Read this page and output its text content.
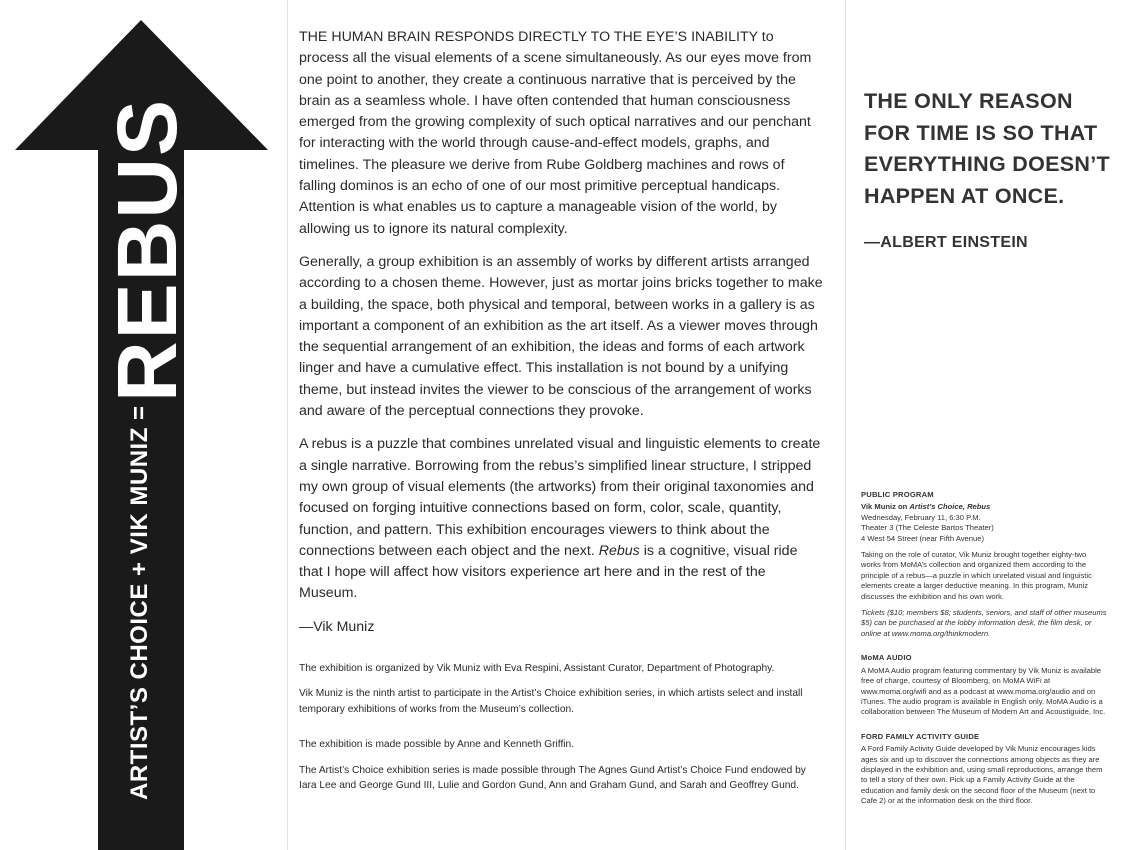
REBUS
ARTIST’S CHOICE + VIK MUNIZ =

THE HUMAN BRAIN RESPONDS DIRECTLY TO THE EYE’S INABILITY to process all the visual elements of a scene simultaneously. As our eyes move from one point to another, they create a continuous narrative that is perceived by the brain as a seamless whole. I have often contended that human consciousness emerged from the growing complexity of such optical narratives and our penchant for interacting with the world through cause-and-effect models, graphs, and timelines. The pleasure we derive from Rube Goldberg machines and rows of falling dominos is an echo of one of our most primitive perceptual handicaps. Attention is what enables us to capture a manageable vision of the world, by allowing us to ignore its natural complexity.

Generally, a group exhibition is an assembly of works by different artists arranged according to a chosen theme. However, just as mortar joins bricks together to make a building, the space, both physical and temporal, between works in a gallery is as important a component of an exhibition as the art itself. As a viewer moves through the sequential arrangement of an exhibition, the ideas and forms of each artwork linger and have a cumulative effect. This installation is not bound by a unifying theme, but instead invites the viewer to be conscious of the arrangement of works and aware of the perceptual connections they provoke.

A rebus is a puzzle that combines unrelated visual and linguistic elements to create a single narrative. Borrowing from the rebus’s simplified linear structure, I stripped my own group of visual elements (the artworks) from their original taxonomies and focused on forging intuitive connections based on form, color, scale, quantity, function, and pattern. This exhibition encourages viewers to think about the connections between each object and the next. Rebus is a cognitive, visual ride that I hope will affect how visitors experience art here and in the rest of the Museum.

—Vik Muniz

The exhibition is organized by Vik Muniz with Eva Respini, Assistant Curator, Department of Photography.

Vik Muniz is the ninth artist to participate in the Artist’s Choice exhibition series, in which artists select and install temporary exhibitions of works from the Museum’s collection.

The exhibition is made possible by Anne and Kenneth Griffin.

The Artist’s Choice exhibition series is made possible through The Agnes Gund Artist’s Choice Fund endowed by Iara Lee and George Gund III, Lulie and Gordon Gund, Ann and Graham Gund, and Sarah and Geoffrey Gund.

THE ONLY REASON FOR TIME IS SO THAT EVERYTHING DOESN’T HAPPEN AT ONCE.

—ALBERT EINSTEIN
PUBLIC PROGRAM
Vik Muniz on Artist’s Choice, Rebus
Wednesday, February 11, 6:30 P.M.
Theater 3 (The Celeste Bartos Theater)
4 West 54 Street (near Fifth Avenue)
Taking on the role of curator, Vik Muniz brought together eighty-two works from MoMA’s collection and organized them according to the principle of a rebus—a puzzle in which unrelated visual and linguistic elements create a larger deductive meaning. In this program, Muniz discusses the exhibition and his own work.
Tickets ($10; members $8; students, seniors, and staff of other museums $5) can be purchased at the lobby information desk, the film desk, or online at www.moma.org/thinkmodern.
MoMA AUDIO
A MoMA Audio program featuring commentary by Vik Muniz is available free of charge, courtesy of Bloomberg, on MoMA WiFi at www.moma.org/wifi and as a podcast at www.moma.org/audio and on iTunes. The audio program is available in English only. MoMA Audio is a collaboration between The Museum of Modern Art and Acoustiguide, Inc.
FORD FAMILY ACTIVITY GUIDE
A Ford Family Activity Guide developed by Vik Muniz encourages kids ages six and up to discover the connections among objects as they are displayed in the exhibition and, using small reproductions, arrange them to tell a story of their own. Pick up a Family Activity Guide at the education and family desk on the second floor of the Museum (next to Cafe 2) or at the information desk on the third floor.
